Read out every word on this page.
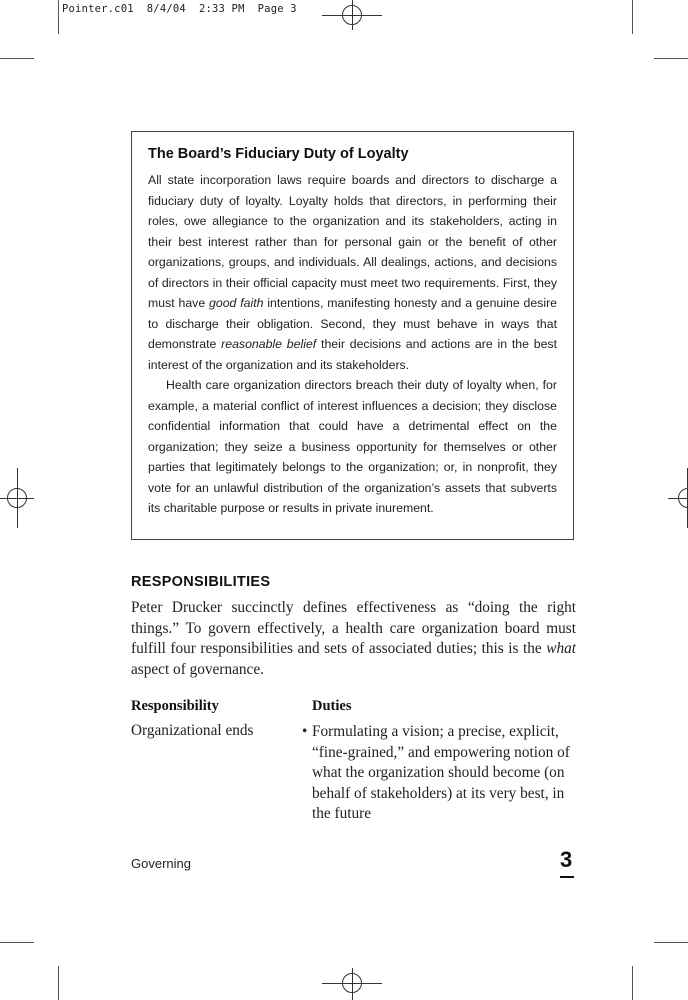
Pointer.c01  8/4/04  2:33 PM  Page 3
The Board’s Fiduciary Duty of Loyalty

All state incorporation laws require boards and directors to discharge a fiduciary duty of loyalty. Loyalty holds that directors, in performing their roles, owe allegiance to the organization and its stakeholders, acting in their best interest rather than for personal gain or the benefit of other organizations, groups, and individuals. All dealings, actions, and decisions of directors in their official capacity must meet two requirements. First, they must have good faith intentions, manifesting honesty and a genuine desire to discharge their obligation. Second, they must behave in ways that demonstrate reasonable belief their decisions and actions are in the best interest of the organization and its stakeholders.

Health care organization directors breach their duty of loyalty when, for example, a material conflict of interest influences a decision; they disclose confidential information that could have a detrimental effect on the organization; they seize a business opportunity for themselves or other parties that legitimately belongs to the organization; or, in nonprofit, they vote for an unlawful distribution of the organization’s assets that subverts its charitable purpose or results in private inurement.

RESPONSIBILITIES

Peter Drucker succinctly defines effectiveness as “doing the right things.” To govern effectively, a health care organization board must fulfill four responsibilities and sets of associated duties; this is the what aspect of governance.

Responsibility	Duties
Organizational ends	• Formulating a vision; a precise, explicit, “fine-grained,” and empowering notion of what the organization should become (on behalf of stakeholders) at its very best, in the future
Governing	3
